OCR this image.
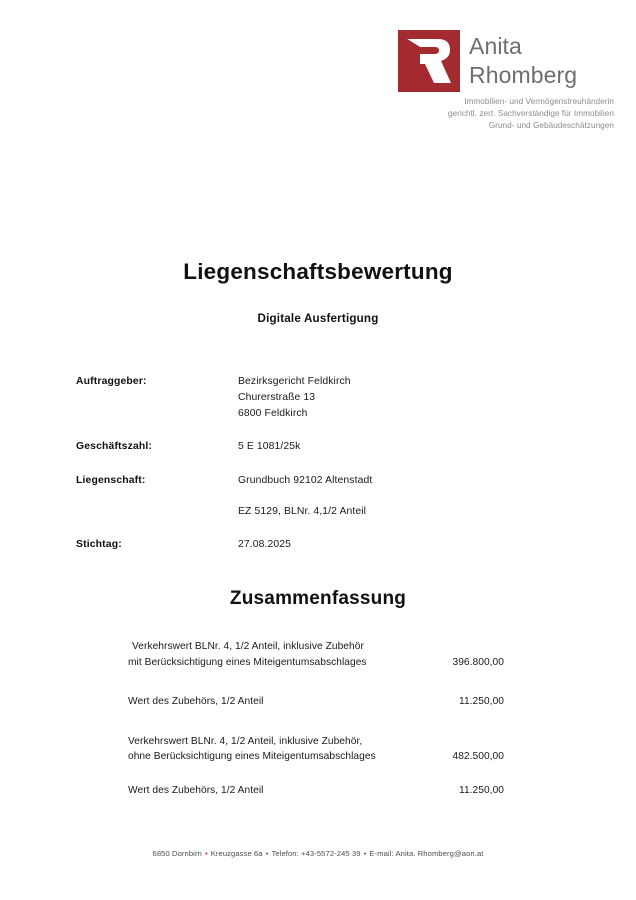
Anita
Rhomberg
Immobilien- und Vermögenstreuhänderin
gerichtl. zert. Sachverständige für Immobilien
Grund- und Gebäudeschätzungen
Liegenschaftsbewertung
Digitale Ausfertigung
Auftraggeber:	Bezirksgericht Feldkirch
Churerstraße 13
6800 Feldkirch
Geschäftszahl:	5 E 1081/25k
Liegenschaft:	Grundbuch 92102 Altenstadt
EZ 5129, BLNr. 4,1/2 Anteil
Stichtag:	27.08.2025
Zusammenfassung
Verkehrswert BLNr. 4, 1/2 Anteil, inklusive Zubehör
mit Berücksichtigung eines Miteigentumsabschlages	396.800,00
Wert des Zubehörs, 1/2 Anteil	11.250,00
Verkehrswert BLNr. 4, 1/2 Anteil, inklusive Zubehör,
ohne Berücksichtigung eines Miteigentumsabschlages	482.500,00
Wert des Zubehörs, 1/2 Anteil	11.250,00
6850 Dornbirn • Kreuzgasse 6a • Telefon: +43-5572-245 39 • E-mail: Anita. Rhomberg@aon.at
